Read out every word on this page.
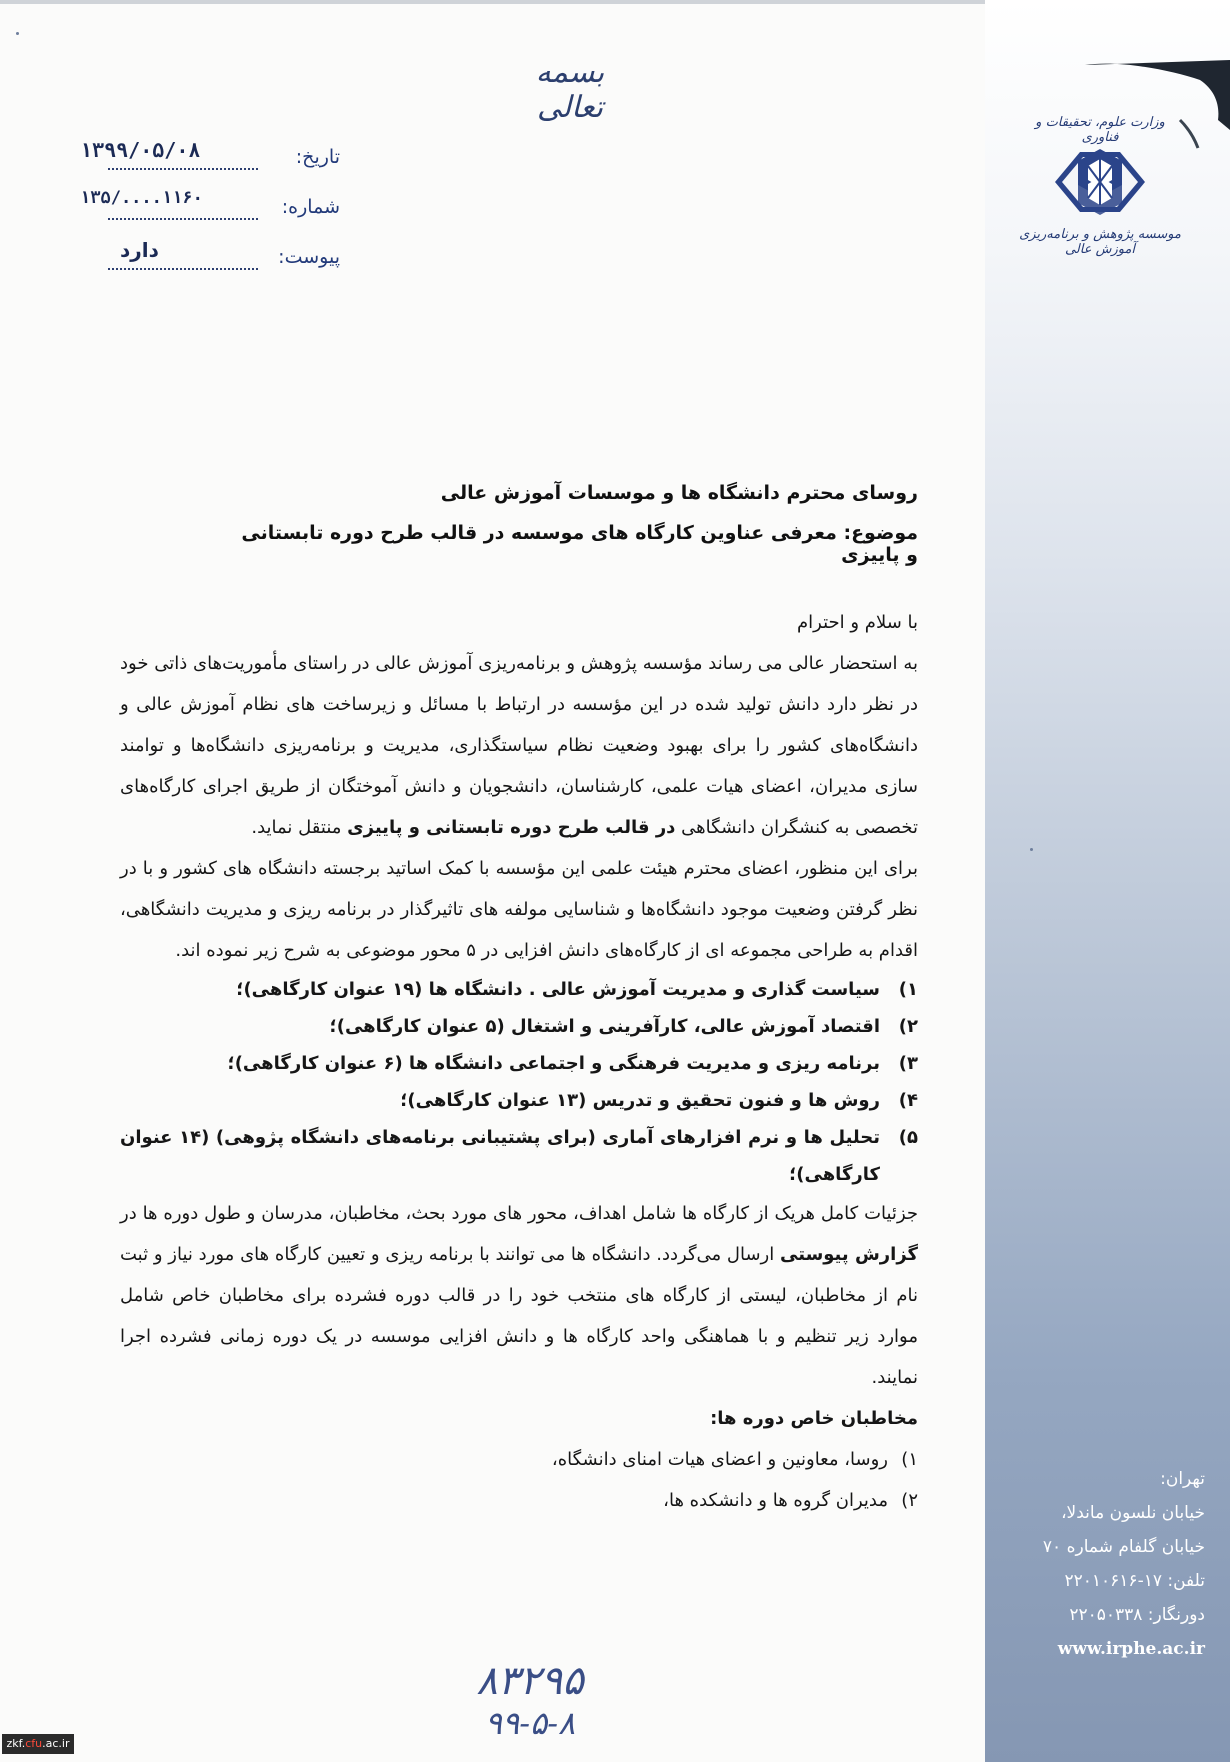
بسمه تعالی	وزارت علوم، تحقیقات و فناوری
موسسه پژوهش و برنامه‌ریزی آموزش عالی
تاریخ:
۱۳۹۹/۰۵/۰۸
شماره:
۱۳۵/....۱۱۶۰
پیوست:
دارد
روسای محترم دانشگاه ها و موسسات آموزش عالی
موضوع: معرفی عناوین کارگاه های موسسه در قالب طرح دوره تابستانی و پاییزی

با سلام و احترام

به استحضار عالی می رساند مؤسسه پژوهش و برنامه‌ریزی آموزش عالی در راستای مأموریت‌های ذاتی خود در نظر دارد دانش تولید شده در این مؤسسه در ارتباط با مسائل و زیرساخت های نظام آموزش عالی و دانشگاه‌های کشور را برای بهبود وضعیت نظام سیاستگذاری، مدیریت و برنامه‌ریزی دانشگاه‌ها و توامند سازی مدیران، اعضای هیات علمی، کارشناسان، دانشجویان و دانش آموختگان از طریق اجرای کارگاه‌های تخصصی به کنشگران دانشگاهی در قالب طرح دوره تابستانی و پاییزی منتقل نماید.

برای این منظور، اعضای محترم هیئت علمی این مؤسسه با کمک اساتید برجسته دانشگاه های کشور و با در نظر گرفتن وضعیت موجود دانشگاه‌ها و شناسایی مولفه های تاثیرگذار در برنامه ریزی و مدیریت دانشگاهی، اقدام به طراحی مجموعه ای از کارگاه‌های دانش افزایی در ۵ محور موضوعی به شرح زیر نموده اند.

۱)
سیاست گذاری و مدیریت آموزش عالی . دانشگاه ها (۱۹ عنوان کارگاهی)؛
۲)
اقتصاد آموزش عالی، کارآفرینی و اشتغال (۵ عنوان کارگاهی)؛
۳)
برنامه ریزی و مدیریت فرهنگی و اجتماعی دانشگاه ها (۶ عنوان کارگاهی)؛
۴)
روش ها و فنون تحقیق و تدریس (۱۳ عنوان کارگاهی)؛
۵)
تحلیل ها و نرم افزارهای آماری (برای پشتیبانی برنامه‌های دانشگاه پژوهی) (۱۴ عنوان کارگاهی)؛

جزئیات کامل هریک از کارگاه ها شامل اهداف، محور های مورد بحث، مخاطبان، مدرسان و طول دوره ها در گزارش پیوستی ارسال می‌گردد. دانشگاه ها می توانند با برنامه ریزی و تعیین کارگاه های مورد نیاز و ثبت نام از مخاطبان، لیستی از کارگاه های منتخب خود را در قالب دوره فشرده برای مخاطبان خاص شامل موارد زیر تنظیم و با هماهنگی واحد کارگاه ها و دانش افزایی موسسه در یک دوره زمانی فشرده اجرا نمایند.

مخاطبان خاص دوره ها:

۱)
روسا، معاونین و اعضای هیات امنای دانشگاه،
۲)
مدیران گروه ها و دانشکده ها،
تهران:
خیابان نلسون ماندلا،
خیابان گلفام شماره ۷۰
تلفن: ۱۷-۲۲۰۱۰۶۱۶
دورنگار: ۲۲۰۵۰۳۳۸
www.irphe.ac.ir
۸۳۲۹۵
۹۹-۵-۸
zkf.cfu.ac.ir
